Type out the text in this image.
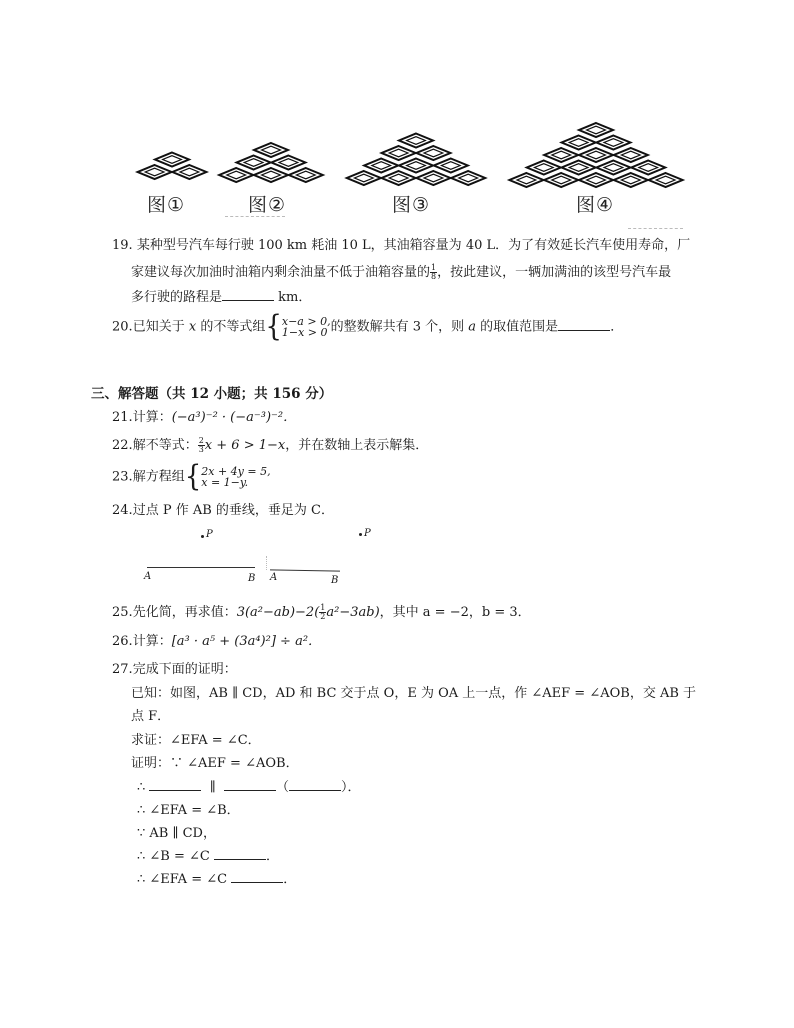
图①	图②	图③	图④
19. 某种型号汽车每行驶 100 km 耗油 10 L，其油箱容量为 40 L．为了有效延长汽车使用寿命，厂
家建议每次加油时油箱内剩余油量不低于油箱容量的 $\frac{1}{8}$ ，按此建议，一辆加满油的该型号汽车最
多行驶的路程是	km．
20.已知关于 x 的不等式组{ x−a > 0,
1−x > 0 的整数解共有 3 个，则 a 的取值范围是	．
三、解答题（共 12 小题；共 156 分）
21.计算：(−a³)⁻² · (−a⁻³)⁻²．
22.解不等式： $\frac{2}{3}$ x + 6 > 1−x，并在数轴上表示解集．
23.解方程组{ 2x + 4y = 5,
x = 1−y.
24.过点 P 作 AB 的垂线，垂足为 C．
P
A	B
P
A	B
25.先化简，再求值：$3(a^2-ab)-2( \frac{1}{2} a^2-3ab)$，其中 a = −2，b = 3．
26.计算：[a³ · a⁵ + (3a⁴)²] ÷ a²．
27.完成下面的证明：
已知：如图，AB ∥ CD，AD 和 BC 交于点 O，E 为 OA 上一点，作 ∠AEF = ∠AOB，交 AB 于
点 F．
求证：∠EFA = ∠C．
证明：∵ ∠AEF = ∠AOB．
∴	∥	（	）．
∴ ∠EFA = ∠B．
∵ AB ∥ CD，
∴ ∠B = ∠C	．
∴ ∠EFA = ∠C	．
